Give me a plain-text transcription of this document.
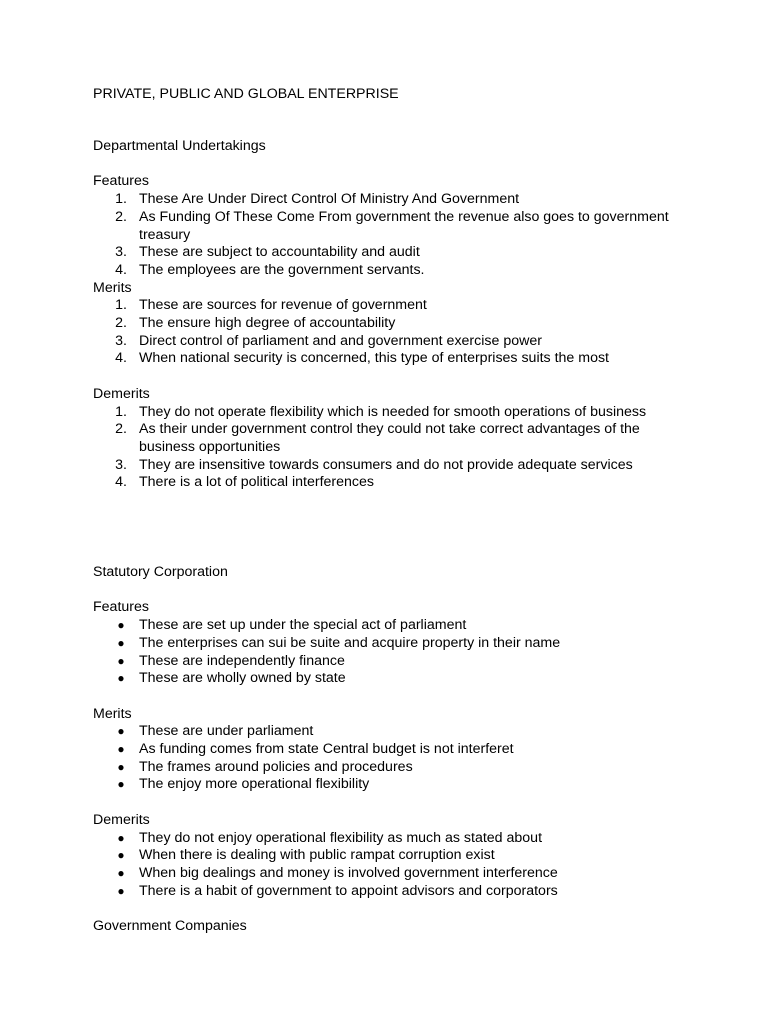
PRIVATE, PUBLIC AND GLOBAL ENTERPRISE
Departmental Undertakings
Features
1. These Are Under Direct Control Of Ministry And Government
2. As Funding Of These Come From government the revenue also goes to government treasury
3. These are subject to accountability and audit
4. The employees are the government servants.
Merits
1. These are sources for revenue of government
2. The ensure high degree of accountability
3. Direct control of parliament and and government exercise power
4. When national security is concerned, this type of enterprises suits the most
Demerits
1. They do not operate flexibility which is needed for smooth operations of business
2. As their under government control they could not take correct advantages of the business opportunities
3. They are insensitive towards consumers and do not provide adequate services
4. There is a lot of political interferences
Statutory Corporation
Features
● These are set up under the special act of parliament
● The enterprises can sui be suite and acquire property in their name
● These are independently finance
● These are wholly owned by state
Merits
● These are under parliament
● As funding comes from state Central budget is not interferet
● The frames around policies and procedures
● The enjoy more operational flexibility
Demerits
● They do not enjoy operational flexibility as much as stated about
● When there is dealing with public rampat corruption exist
● When big dealings and money is involved government interference
● There is a habit of government to appoint advisors and corporators
Government Companies
